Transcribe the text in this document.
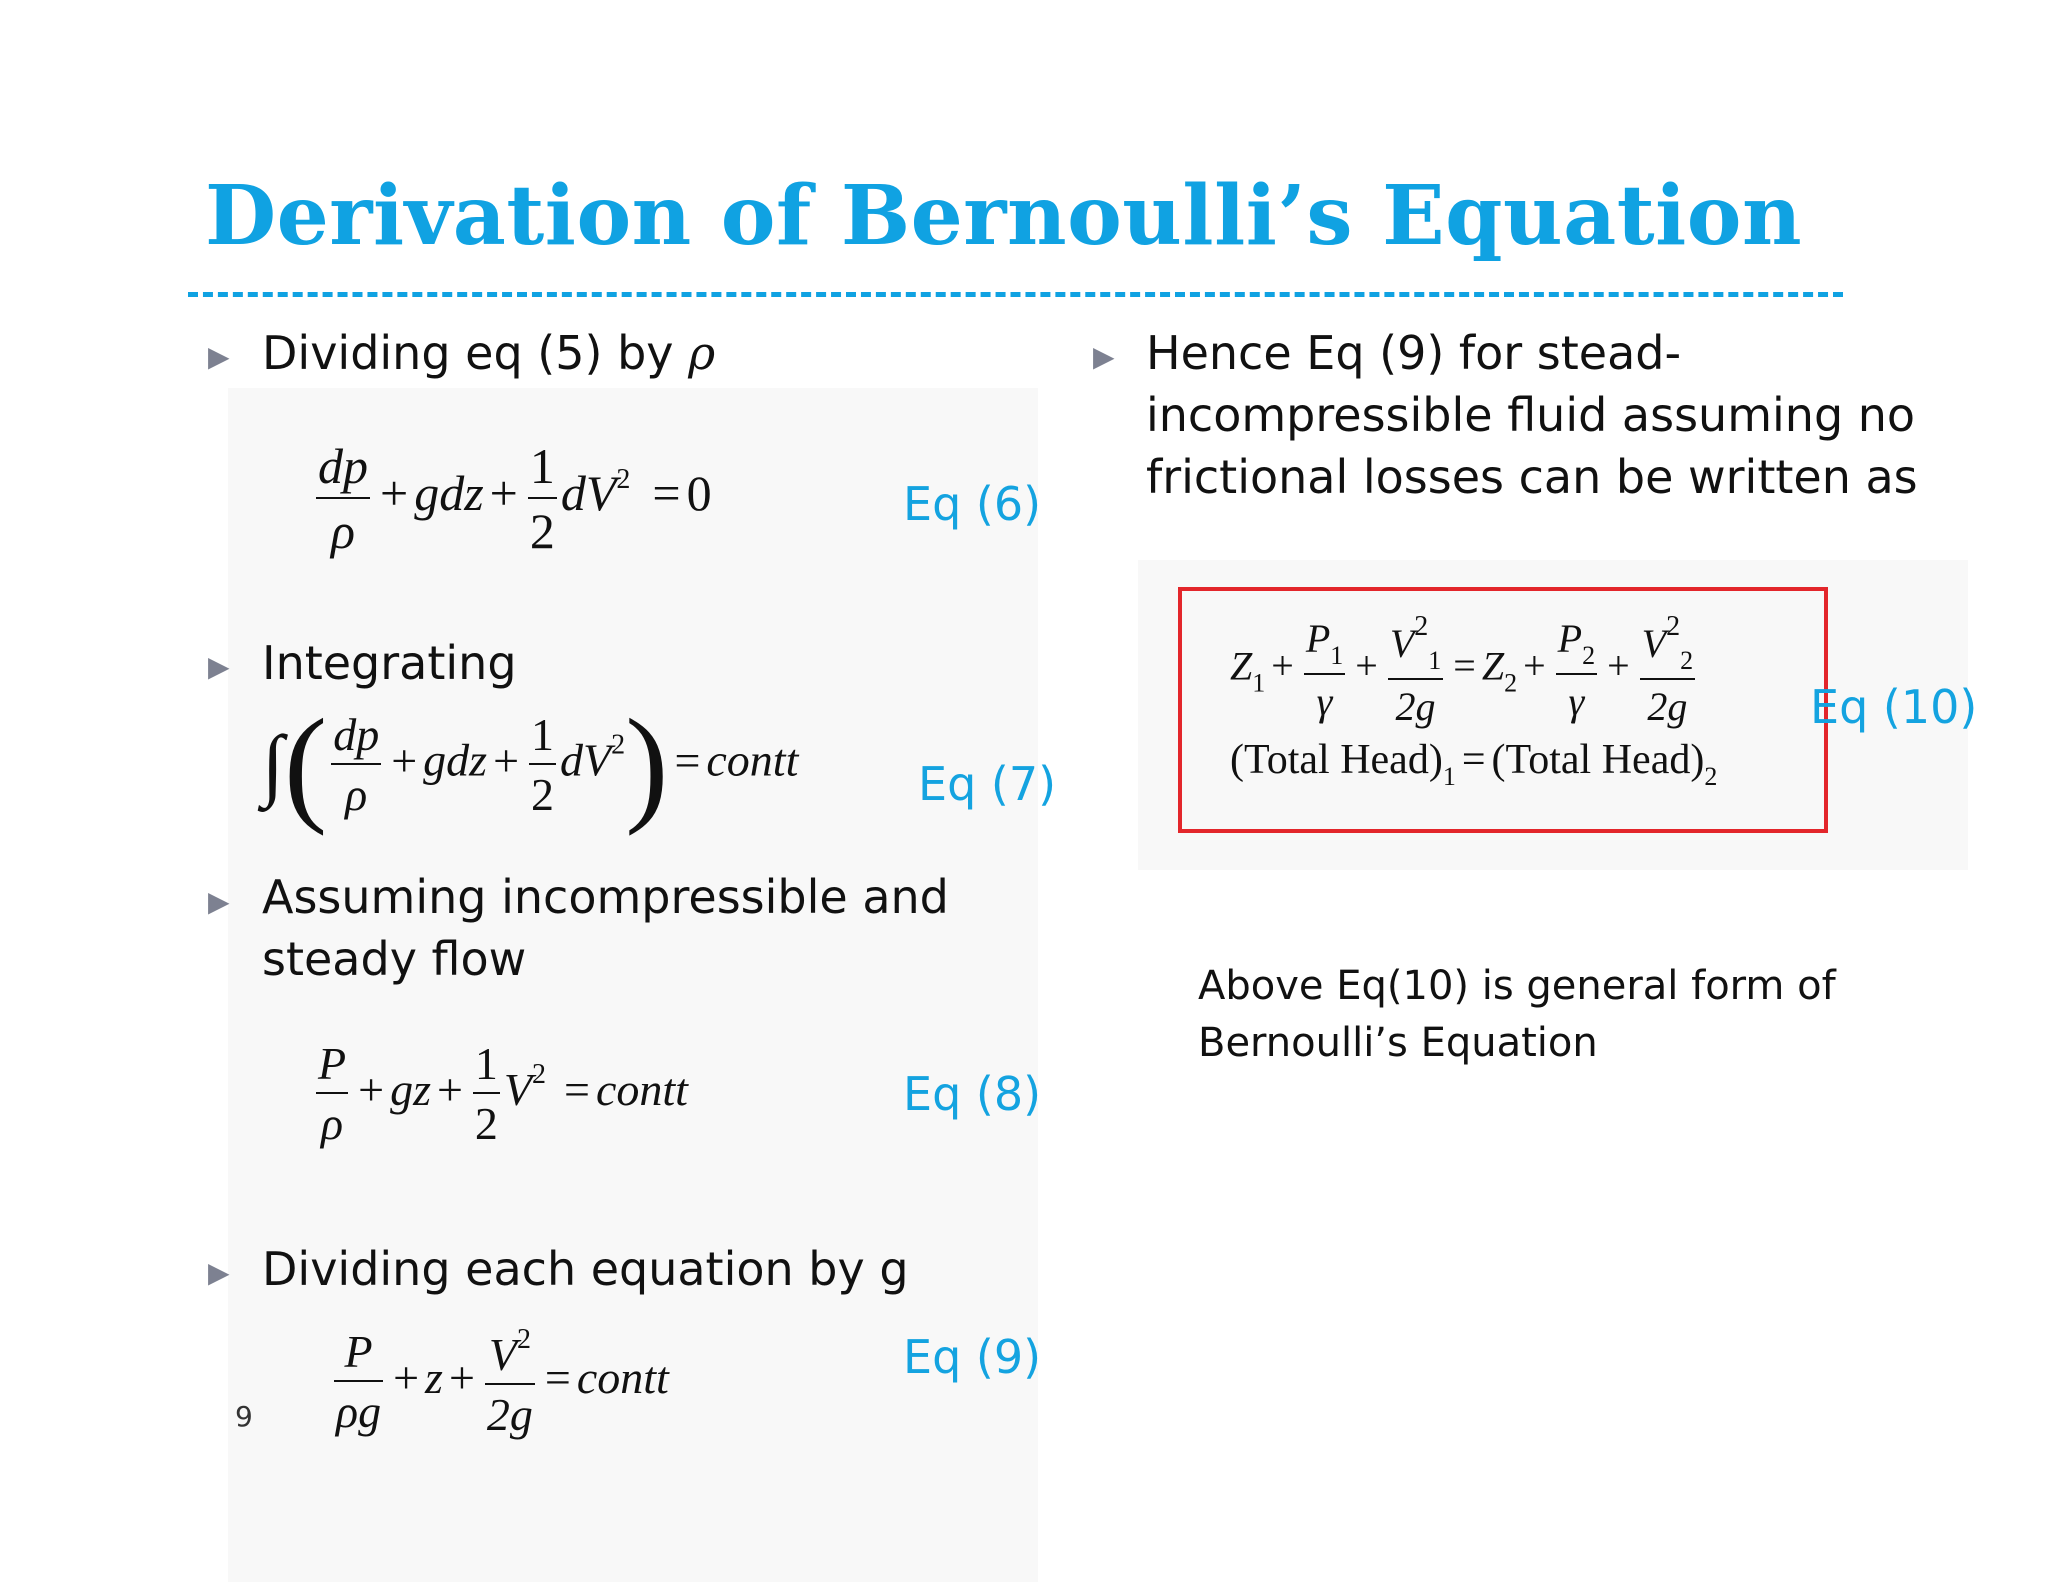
Derivation of Bernoulli’s Equation
▶ Dividing eq (5) by ρ
$\frac{dp}{\rho}$ + gdz + $\frac{1}{2} dV^2 = 0$	Eq (6)
▶ Integrating
∫( $\frac{dp}{\rho}$ + gdz + $\frac{1}{2} dV^2$) = contt	Eq (7)
▶ Assuming incompressible and
steady flow
$\frac{P}{\rho}$ + gz + $\frac{1}{2} V^2$ = contt	Eq (8)
▶ Dividing each equation by g
$\frac{P}{\rho g} + z + \frac{V^2}{2g}$ = contt	Eq (9)
9
▶ Hence Eq (9) for stead-
incompressible fluid assuming no
frictional losses can be written as
$Z_1 + \frac{P_1}{\gamma} + \frac{V^2_1}{2g} = Z_2 + \frac{P_2}{\gamma} + \frac{V^2_2}{2g}$
(Total $Head)_1$ = (Total $Head)_2$
Eq (10)
Above Eq(10) is general form of
Bernoulli’s Equation
